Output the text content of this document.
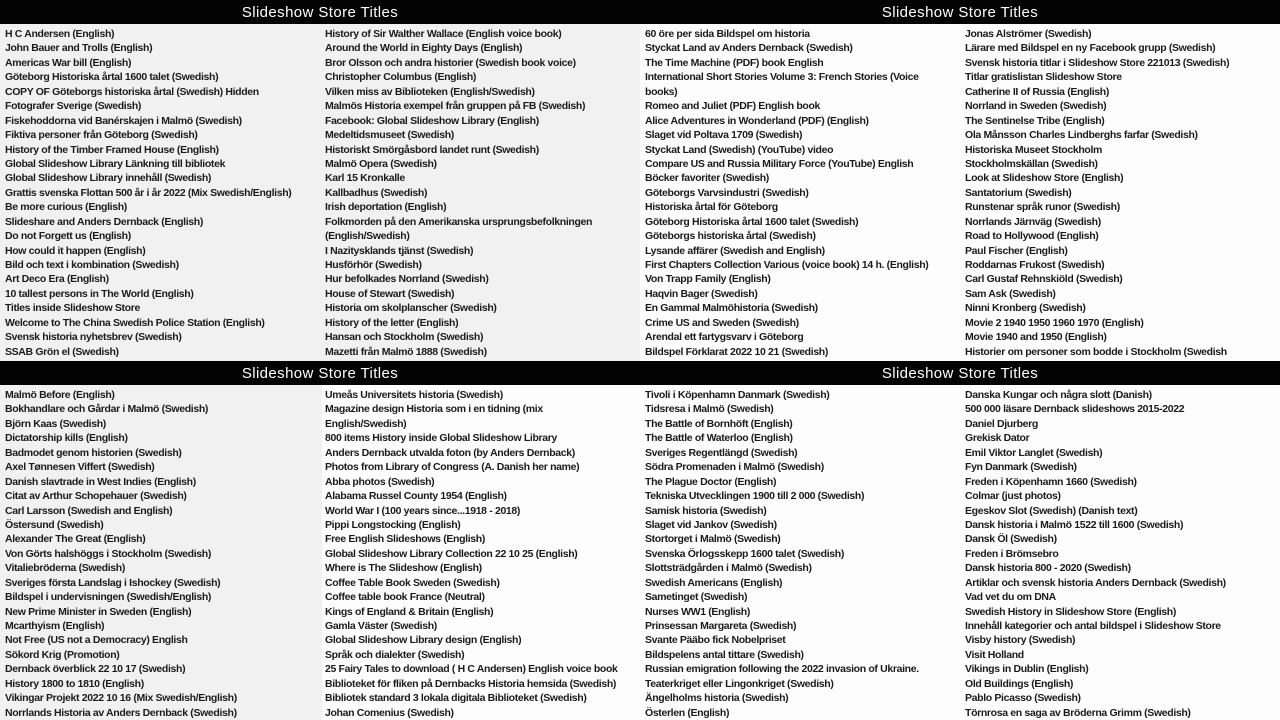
Slideshow Store Titles	Slideshow Store Titles
Slideshow Store Titles	Slideshow Store Titles
H C Andersen (English)
John Bauer and Trolls (English)
Americas War bill (English)
Göteborg Historiska årtal 1600 talet (Swedish)
COPY OF Göteborgs historiska årtal (Swedish) Hidden
Fotografer Sverige (Swedish)
Fiskehoddorna vid Banérskajen i Malmö (Swedish)
Fiktiva personer från Göteborg (Swedish)
History of the Timber Framed House (English)
Global Slideshow Library Länkning till bibliotek
Global Slideshow Library innehåll (Swedish)
Grattis svenska Flottan 500 år i år 2022 (Mix Swedish/English)
Be more curious (English)
Slideshare and Anders Dernback (English)
Do not Forgett us (English)
How could it happen (English)
Bild och text i kombination (Swedish)
Art Deco Era (English)
10 tallest persons in The World (English)
Titles inside Slideshow Store
Welcome to The China Swedish Police Station (English)
Svensk historia nyhetsbrev (Swedish)
SSAB Grön el (Swedish)
History of Sir Walther Wallace (English voice book)
Around the World in Eighty Days (English)
Bror Olsson och andra historier (Swedish book voice)
Christopher Columbus (English)
Vilken miss av Biblioteken (English/Swedish)
Malmös Historia exempel från gruppen på FB (Swedish)
Facebook: Global Slideshow Library (English)
Medeltidsmuseet (Swedish)
Historiskt Smörgåsbord landet runt (Swedish)
Malmö Opera (Swedish)
Karl 15 Kronkalle
Kallbadhus (Swedish)
Irish deportation (English)
Folkmorden på den Amerikanska ursprungsbefolkningen
(English/Swedish)
I Nazitysklands tjänst (Swedish)
Husförhör (Swedish)
Hur befolkades Norrland (Swedish)
House of Stewart (Swedish)
Historia om skolplanscher (Swedish)
History of the letter (English)
Hansan och Stockholm (Swedish)
Mazetti från Malmö 1888 (Swedish)
60 öre per sida Bildspel om historia
Styckat Land av Anders Dernback (Swedish)
The Time Machine (PDF) book English
International Short Stories Volume 3: French Stories (Voice
books)
Romeo and Juliet (PDF) English book
Alice Adventures in Wonderland (PDF) (English)
Slaget vid Poltava 1709 (Swedish)
Styckat Land (Swedish) (YouTube) video
Compare US and Russia Military Force (YouTube) English
Böcker favoriter (Swedish)
Göteborgs Varvsindustri (Swedish)
Historiska årtal för Göteborg
Göteborg Historiska årtal 1600 talet (Swedish)
Göteborgs historiska årtal (Swedish)
Lysande affärer (Swedish and English)
First Chapters Collection Various (voice book) 14 h. (English)
Von Trapp Family (English)
Haqvin Bager (Swedish)
En Gammal Malmöhistoria (Swedish)
Crime US and Sweden (Swedish)
Arendal ett fartygsvarv i Göteborg
Bildspel Förklarat 2022 10 21 (Swedish)
Jonas Alströmer (Swedish)
Lärare med Bildspel en ny Facebook grupp (Swedish)
Svensk historia titlar i Slideshow Store 221013 (Swedish)
Titlar gratislistan Slideshow Store
Catherine II of Russia (English)
Norrland in Sweden (Swedish)
The Sentinelse Tribe (English)
Ola Månsson Charles Lindberghs farfar (Swedish)
Historiska Museet Stockholm
Stockholmskällan (Swedish)
Look at Slideshow Store (English)
Santatorium (Swedish)
Runstenar språk runor (Swedish)
Norrlands Järnväg (Swedish)
Road to Hollywood (English)
Paul Fischer (English)
Roddarnas Frukost (Swedish)
Carl Gustaf Rehnskiöld (Swedish)
Sam Ask (Swedish)
Ninni Kronberg (Swedish)
Movie 2 1940 1950 1960 1970 (English)
Movie 1940 and 1950 (English)
Historier om personer som bodde i Stockholm (Swedish
Malmö Before (English)
Bokhandlare och Gårdar i Malmö (Swedish)
Björn Kaas (Swedish)
Dictatorship kills (English)
Badmodet genom historien (Swedish)
Axel Tønnesen Viffert (Swedish)
Danish slavtrade in West Indies (English)
Citat av Arthur Schopehauer (Swedish)
Carl Larsson (Swedish and English)
Östersund (Swedish)
Alexander The Great (English)
Von Görts halshöggs i Stockholm (Swedish)
Vitaliebröderna (Swedish)
Sveriges första Landslag i Ishockey (Swedish)
Bildspel i undervisningen (Swedish/English)
New Prime Minister in Sweden (English)
Mcarthyism (English)
Not Free (US not a Democracy) English
Sökord Krig (Promotion)
Dernback överblick 22 10 17 (Swedish)
History 1800 to 1810 (English)
Vikingar Projekt 2022 10 16 (Mix Swedish/English)
Norrlands Historia av Anders Dernback (Swedish)
Umeås Universitets historia (Swedish)
Magazine design Historia som i en tidning (mix
English/Swedish)
800 items History inside Global Slideshow Library
Anders Dernback utvalda foton (by Anders Dernback)
Photos from Library of Congress (A. Danish her name)
Abba photos (Swedish)
Alabama Russel County 1954 (English)
World War I (100 years since...1918 - 2018)
Pippi Longstocking (English)
Free English Slideshows (English)
Global Slideshow Library Collection 22 10 25 (English)
Where is The Slideshow (English)
Coffee Table Book Sweden (Swedish)
Coffee table book France (Neutral)
Kings of England & Britain (English)
Gamla Väster (Swedish)
Global Slideshow Library design (English)
Språk och dialekter (Swedish)
25 Fairy Tales to download ( H C Andersen) English voice book
Biblioteket för fliken på Dernbacks Historia hemsida (Swedish)
Bibliotek standard 3 lokala digitala Biblioteket (Swedish)
Johan Comenius (Swedish)
Tivoli i Köpenhamn Danmark (Swedish)
Tidsresa i Malmö (Swedish)
The Battle of Bornhöft (English)
The Battle of Waterloo (English)
Sveriges Regentlängd (Swedish)
Södra Promenaden i Malmö (Swedish)
The Plague Doctor (English)
Tekniska Utvecklingen 1900 till 2 000 (Swedish)
Samisk historia (Swedish)
Slaget vid Jankov (Swedish)
Stortorget i Malmö (Swedish)
Svenska Örlogsskepp 1600 talet (Swedish)
Slottsträdgården i Malmö (Swedish)
Swedish Americans (English)
Sametinget (Swedish)
Nurses WW1 (English)
Prinsessan Margareta (Swedish)
Svante Pääbo fick Nobelpriset
Bildspelens antal tittare (Swedish)
Russian emigration following the 2022 invasion of Ukraine.
Teaterkriget eller Lingonkriget (Swedish)
Ängelholms historia (Swedish)
Österlen (English)
Danska Kungar och några slott (Danish)
500 000 läsare Dernback slideshows 2015-2022
Daniel Djurberg
Grekisk Dator
Emil Viktor Langlet (Swedish)
Fyn Danmark (Swedish)
Freden i Köpenhamn 1660 (Swedish)
Colmar (just photos)
Egeskov Slot (Swedish) (Danish text)
Dansk historia i Malmö 1522 till 1600 (Swedish)
Dansk Öl (Swedish)
Freden i Brömsebro
Dansk historia 800 - 2020 (Swedish)
Artiklar och svensk historia Anders Dernback (Swedish)
Vad vet du om DNA
Swedish History in Slideshow Store (English)
Innehåll kategorier och antal bildspel i Slideshow Store
Visby history (Swedish)
Visit Holland
Vikings in Dublin (English)
Old Buildings (English)
Pablo Picasso (Swedish)
Törnrosa en saga av Bröderna Grimm (Swedish)
